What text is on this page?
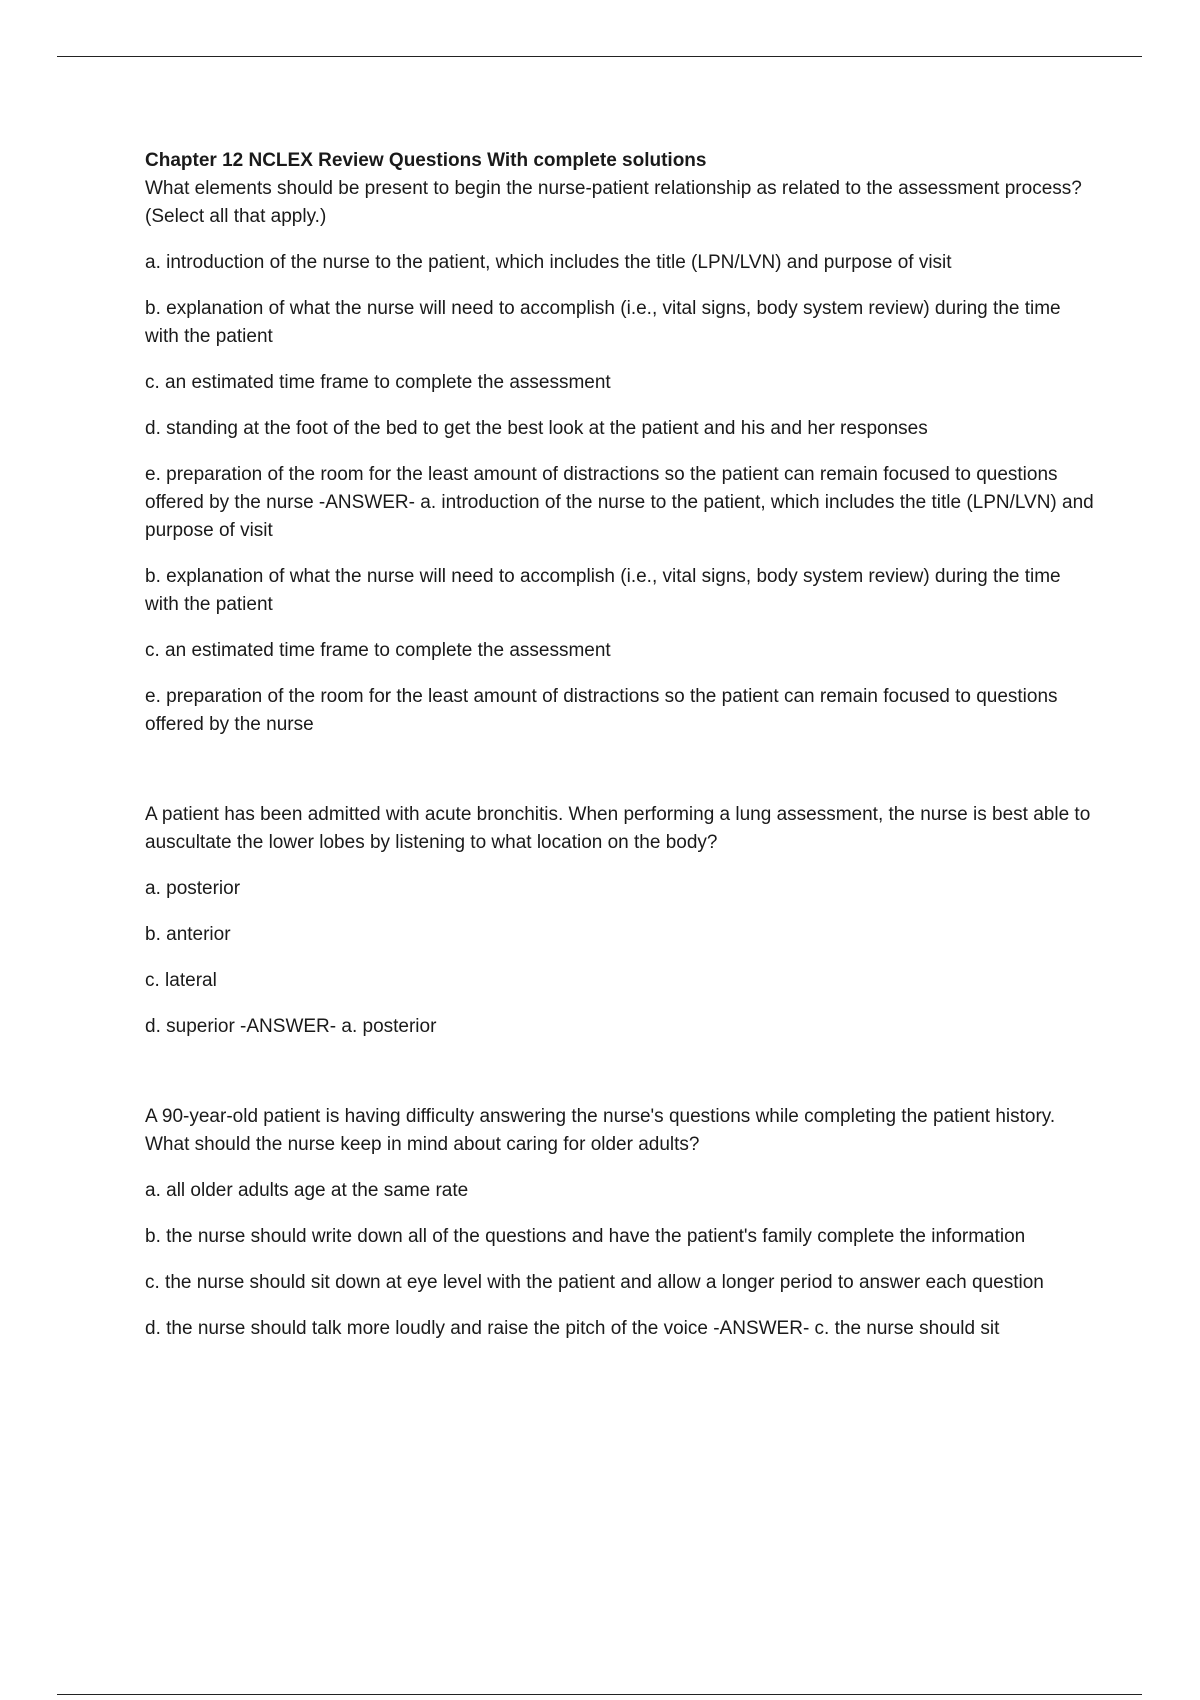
Chapter 12 NCLEX Review Questions With complete solutions

What elements should be present to begin the nurse-patient relationship as related to the assessment process? (Select all that apply.)

a. introduction of the nurse to the patient, which includes the title (LPN/LVN) and purpose of visit

b. explanation of what the nurse will need to accomplish (i.e., vital signs, body system review) during the time with the patient

c. an estimated time frame to complete the assessment

d. standing at the foot of the bed to get the best look at the patient and his and her responses

e. preparation of the room for the least amount of distractions so the patient can remain focused to questions offered by the nurse -ANSWER- a. introduction of the nurse to the patient, which includes the title (LPN/LVN) and purpose of visit

b. explanation of what the nurse will need to accomplish (i.e., vital signs, body system review) during the time with the patient

c. an estimated time frame to complete the assessment

e. preparation of the room for the least amount of distractions so the patient can remain focused to questions offered by the nurse

A patient has been admitted with acute bronchitis. When performing a lung assessment, the nurse is best able to auscultate the lower lobes by listening to what location on the body?

a. posterior

b. anterior

c. lateral

d. superior -ANSWER- a. posterior

A 90-year-old patient is having difficulty answering the nurse's questions while completing the patient history. What should the nurse keep in mind about caring for older adults?

a. all older adults age at the same rate

b. the nurse should write down all of the questions and have the patient's family complete the information

c. the nurse should sit down at eye level with the patient and allow a longer period to answer each question

d. the nurse should talk more loudly and raise the pitch of the voice -ANSWER- c. the nurse should sit
